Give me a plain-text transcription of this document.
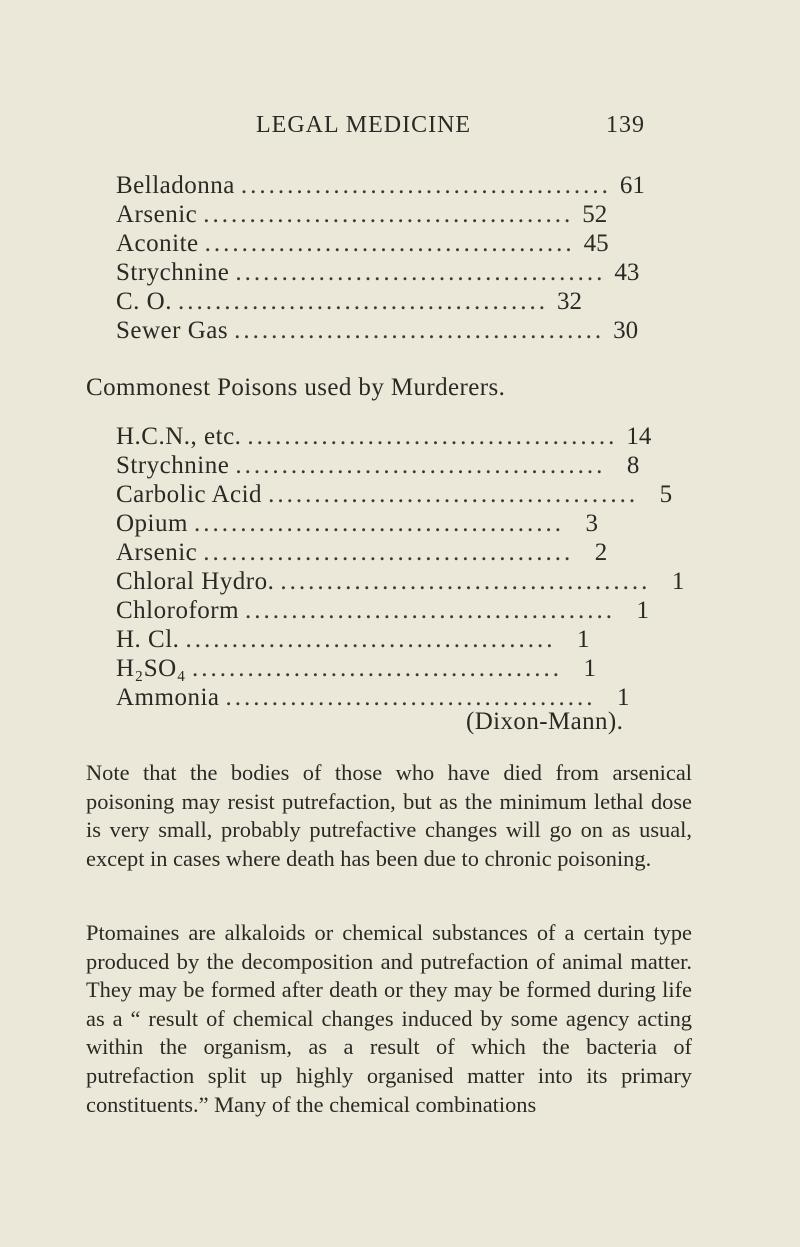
LEGAL MEDICINE	139
Belladonna ........................................ 61
Arsenic ........................................ 52
Aconite ........................................ 45
Strychnine ........................................ 43
C. O. ........................................ 32
Sewer Gas ........................................ 30
Commonest Poisons used by Murderers.
H.C.N., etc. ........................................ 14
Strychnine ........................................ 8
Carbolic Acid ........................................ 5
Opium ........................................ 3
Arsenic ........................................ 2
Chloral Hydro. ........................................ 1
Chloroform ........................................ 1
H. Cl. ........................................ 1
H₂SO₄ ........................................ 1
Ammonia ........................................ 1
(Dixon-Mann).

Note that the bodies of those who have died from arsenical poisoning may resist putrefaction, but as the minimum lethal dose is very small, probably putrefactive changes will go on as usual, except in cases where death has been due to chronic poisoning.

Ptomaines are alkaloids or chemical substances of a certain type produced by the decomposition and putrefaction of animal matter. They may be formed after death or they may be formed during life as a “ result of chemical changes induced by some agency acting within the organism, as a result of which the bacteria of putrefaction split up highly organised matter into its primary constituents.” Many of the chemical combinations
